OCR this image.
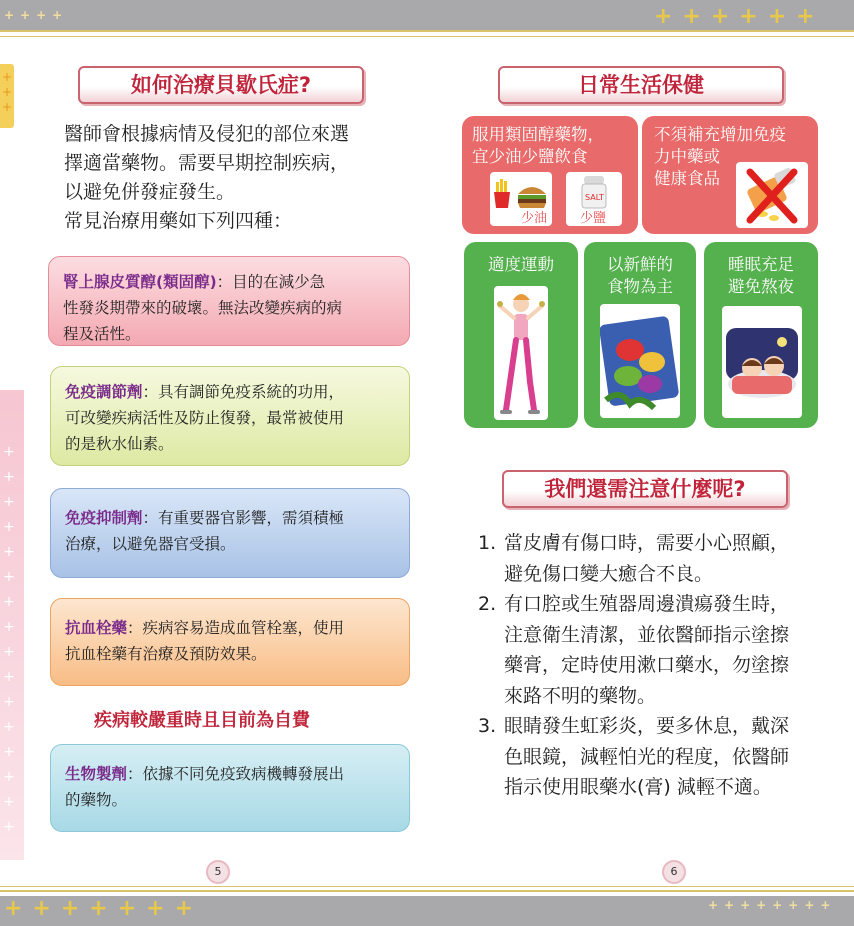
++++	++++++
+++++++	++++++++
+
+
+
+
+
+
+
+
+
+
+
+
+
+
+
+
+
+
+
如何治療貝歇氏症?
醫師會根據病情及侵犯的部位來選
擇適當藥物。需要早期控制疾病，
以避免併發症發生。
常見治療用藥如下列四種：
腎上腺皮質醇(類固醇)：目的在減少急
性發炎期帶來的破壞。無法改變疾病的病
程及活性。
免疫調節劑：具有調節免疫系統的功用，
可改變疾病活性及防止復發，最常被使用
的是秋水仙素。
免疫抑制劑：有重要器官影響，需須積極
治療，以避免器官受損。
抗血栓藥：疾病容易造成血管栓塞，使用
抗血栓藥有治療及預防效果。
疾病較嚴重時且目前為自費
生物製劑：依據不同免疫致病機轉發展出
的藥物。
5
日常生活保健
服用類固醇藥物，
宜少油少鹽飲食
少油
SALT
少鹽
不須補充增加免疫
力中藥或
健康食品
適度運動	以新鮮的
食物為主
睡眠充足
避免熬夜
我們還需注意什麼呢?
1. 當皮膚有傷口時，需要小心照顧，
避免傷口變大癒合不良。
2. 有口腔或生殖器周邊潰瘍發生時，
注意衛生清潔，並依醫師指示塗擦
藥膏，定時使用漱口藥水，勿塗擦
來路不明的藥物。
3. 眼睛發生虹彩炎，要多休息，戴深
色眼鏡，減輕怕光的程度，依醫師
指示使用眼藥水(膏) 減輕不適。
6
